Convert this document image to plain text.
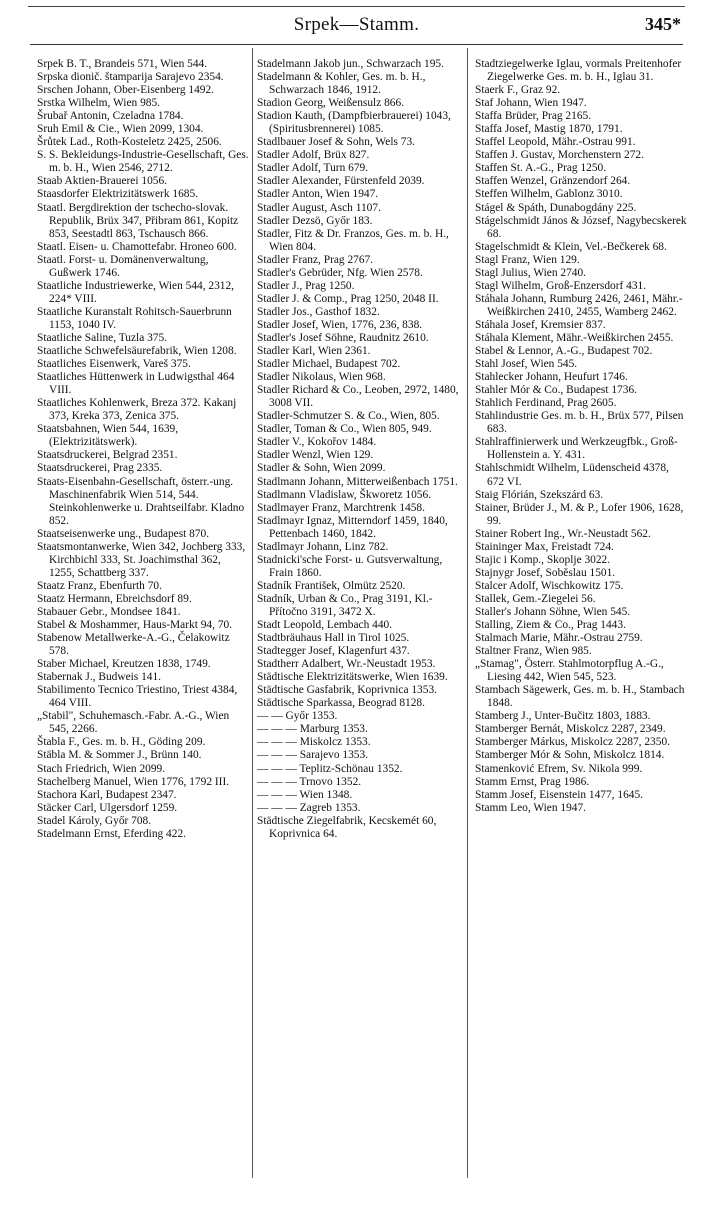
Srpek—Stamm.	345*

Srpek B. T., Brandeis 571, Wien 544.

Srpska dionič. štamparija Sarajevo 2354.

Srschen Johann, Ober-Eisenberg 1492.

Srstka Wilhelm, Wien 985.

Šrubař Antonin, Czeladna 1784.

Sruh Emil & Cie., Wien 2099, 1304.

Šrůtek Lad., Roth-Kosteletz 2425, 2506.

S. S. Bekleidungs-Industrie-Gesellschaft, Ges. m. b. H., Wien 2546, 2712.

Staab Aktien-Brauerei 1056.

Staasdorfer Elektrizitätswerk 1685.

Staatl. Bergdirektion der tschecho-slovak. Republik, Brüx 347, Přibram 861, Kopitz 853, Seestadtl 863, Tschausch 866.

Staatl. Eisen- u. Chamottefabr. Hroneo 600.

Staatl. Forst- u. Domänenverwaltung, Gußwerk 1746.

Staatliche Industriewerke, Wien 544, 2312, 224* VIII.

Staatliche Kuranstalt Rohitsch-Sauerbrunn 1153, 1040 IV.

Staatliche Saline, Tuzla 375.

Staatliche Schwefelsäurefabrik, Wien 1208.

Staatliches Eisenwerk, Vareš 375.

Staatliches Hüttenwerk in Ludwigsthal 464 VIII.

Staatliches Kohlenwerk, Breza 372. Kakanj 373, Kreka 373, Zenica 375.

Staatsbahnen, Wien 544, 1639, (Elektrizitätswerk).

Staatsdruckerei, Belgrad 2351.

Staatsdruckerei, Prag 2335.

Staats-Eisenbahn-Gesellschaft, österr.-ung. Maschinenfabrik Wien 514, 544. Steinkohlenwerke u. Drahtseilfabr. Kladno 852.

Staatseisenwerke ung., Budapest 870.

Staatsmontanwerke, Wien 342, Jochberg 333, Kirchbichl 333, St. Joachimsthal 362, 1255, Schattberg 337.

Staatz Franz, Ebenfurth 70.

Staatz Hermann, Ebreichsdorf 89.

Stabauer Gebr., Mondsee 1841.

Stabel & Moshammer, Haus-Markt 94, 70.

Stabenow Metallwerke-A.-G., Čelakowitz 578.

Staber Michael, Kreutzen 1838, 1749.

Stabernak J., Budweis 141.

Stabilimento Tecnico Triestino, Triest 4384, 464 VIII.

„Stabil", Schuhemasch.-Fabr. A.-G., Wien 545, 2266.

Štabla F., Ges. m. b. H., Göding 209.

Stäbla M. & Sommer J., Brünn 140.

Stach Friedrich, Wien 2099.

Stachelberg Manuel, Wien 1776, 1792 III.

Stachora Karl, Budapest 2347.

Stäcker Carl, Ulgersdorf 1259.

Stadel Károly, Győr 708.

Stadelmann Ernst, Eferding 422.

Stadelmann Jakob jun., Schwarzach 195.

Stadelmann & Kohler, Ges. m. b. H., Schwarzach 1846, 1912.

Stadion Georg, Weißensulz 866.

Stadion Kauth, (Dampfbierbrauerei) 1043, (Spiritusbrennerei) 1085.

Stadlbauer Josef & Sohn, Wels 73.

Stadler Adolf, Brüx 827.

Stadler Adolf, Turn 679.

Stadler Alexander, Fürstenfeld 2039.

Stadler Anton, Wien 1947.

Stadler August, Asch 1107.

Stadler Dezsö, Győr 183.

Stadler, Fitz & Dr. Franzos, Ges. m. b. H., Wien 804.

Stadler Franz, Prag 2767.

Stadler's Gebrüder, Nfg. Wien 2578.

Stadler J., Prag 1250.

Stadler J. & Comp., Prag 1250, 2048 II.

Stadler Jos., Gasthof 1832.

Stadler Josef, Wien, 1776, 236, 838.

Stadler's Josef Söhne, Raudnitz 2610.

Stadler Karl, Wien 2361.

Stadler Michael, Budapest 702.

Stadler Nikolaus, Wien 968.

Stadler Richard & Co., Leoben, 2972, 1480, 3008 VII.

Stadler-Schmutzer S. & Co., Wien, 805.

Stadler, Toman & Co., Wien 805, 949.

Stadler V., Kokořov 1484.

Stadler Wenzl, Wien 129.

Stadler & Sohn, Wien 2099.

Stadlmann Johann, Mitterweißenbach 1751.

Stadlmann Vladislaw, Škworetz 1056.

Stadlmayer Franz, Marchtrenk 1458.

Stadlmayr Ignaz, Mitterndorf 1459, 1840, Pettenbach 1460, 1842.

Stadlmayr Johann, Linz 782.

Stadnicki'sche Forst- u. Gutsverwaltung, Frain 1860.

Stadník František, Olmütz 2520.

Stadník, Urban & Co., Prag 3191, Kl.-Přítočno 3191, 3472 X.

Stadt Leopold, Lembach 440.

Stadtbräuhaus Hall in Tirol 1025.

Stadtegger Josef, Klagenfurt 437.

Stadtherr Adalbert, Wr.-Neustadt 1953.

Städtische Elektrizitätswerke, Wien 1639.

Städtische Gasfabrik, Koprivnica 1353.

Städtische Sparkassa, Beograd 8128.

— — Győr 1353.

— — — Marburg 1353.

— — — Miskolcz 1353.

— — — Sarajevo 1353.

— — — Teplitz-Schönau 1352.

— — — Trnovo 1352.

— — — Wien 1348.

— — — Zagreb 1353.

Städtische Ziegelfabrik, Kecskemét 60, Koprivnica 64.

Stadtziegelwerke Iglau, vormals Preitenhofer Ziegelwerke Ges. m. b. H., Iglau 31.

Staerk F., Graz 92.

Staf Johann, Wien 1947.

Staffa Brüder, Prag 2165.

Staffa Josef, Mastig 1870, 1791.

Staffel Leopold, Mähr.-Ostrau 991.

Staffen J. Gustav, Morchenstern 272.

Staffen St. A.-G., Prag 1250.

Staffen Wenzel, Gränzendorf 264.

Steffen Wilhelm, Gablonz 3010.

Stágel & Spáth, Dunabogdány 225.

Stágelschmidt János & József, Nagybecskerek 68.

Stagelschmidt & Klein, Vel.-Bečkerek 68.

Stagl Franz, Wien 129.

Stagl Julius, Wien 2740.

Stagl Wilhelm, Groß-Enzersdorf 431.

Stáhala Johann, Rumburg 2426, 2461, Mähr.-Weißkirchen 2410, 2455, Wamberg 2462.

Stáhala Josef, Kremsier 837.

Stáhala Klement, Mähr.-Weißkirchen 2455.

Stabel & Lennor, A.-G., Budapest 702.

Stahl Josef, Wien 545.

Stahlecker Johann, Heufurt 1746.

Stahler Mór & Co., Budapest 1736.

Stahlich Ferdinand, Prag 2605.

Stahlindustrie Ges. m. b. H., Brüx 577, Pilsen 683.

Stahlraffinierwerk und Werkzeugfbk., Groß-Hollenstein a. Y. 431.

Stahlschmidt Wilhelm, Lüdenscheid 4378, 672 VI.

Staig Flórián, Szekszárd 63.

Stainer, Brüder J., M. & P., Lofer 1906, 1628, 99.

Stainer Robert Ing., Wr.-Neustadt 562.

Staininger Max, Freistadt 724.

Stajic i Komp., Skoplje 3022.

Stajnygr Josef, Soběslau 1501.

Stalcer Adolf, Wischkowitz 175.

Stallek, Gem.-Ziegelei 56.

Staller's Johann Söhne, Wien 545.

Stalling, Ziem & Co., Prag 1443.

Stalmach Marie, Mähr.-Ostrau 2759.

Staltner Franz, Wien 985.

„Stamag", Österr. Stahlmotorpflug A.-G., Liesing 442, Wien 545, 523.

Stambach Sägewerk, Ges. m. b. H., Stambach 1848.

Stamberg J., Unter-Bučitz 1803, 1883.

Stamberger Bernát, Miskolcz 2287, 2349.

Stamberger Márkus, Miskolcz 2287, 2350.

Stamberger Mór & Sohn, Miskolcz 1814.

Stamenković Efrem, Sv. Nikola 999.

Stamm Ernst, Prag 1986.

Stamm Josef, Eisenstein 1477, 1645.

Stamm Leo, Wien 1947.
